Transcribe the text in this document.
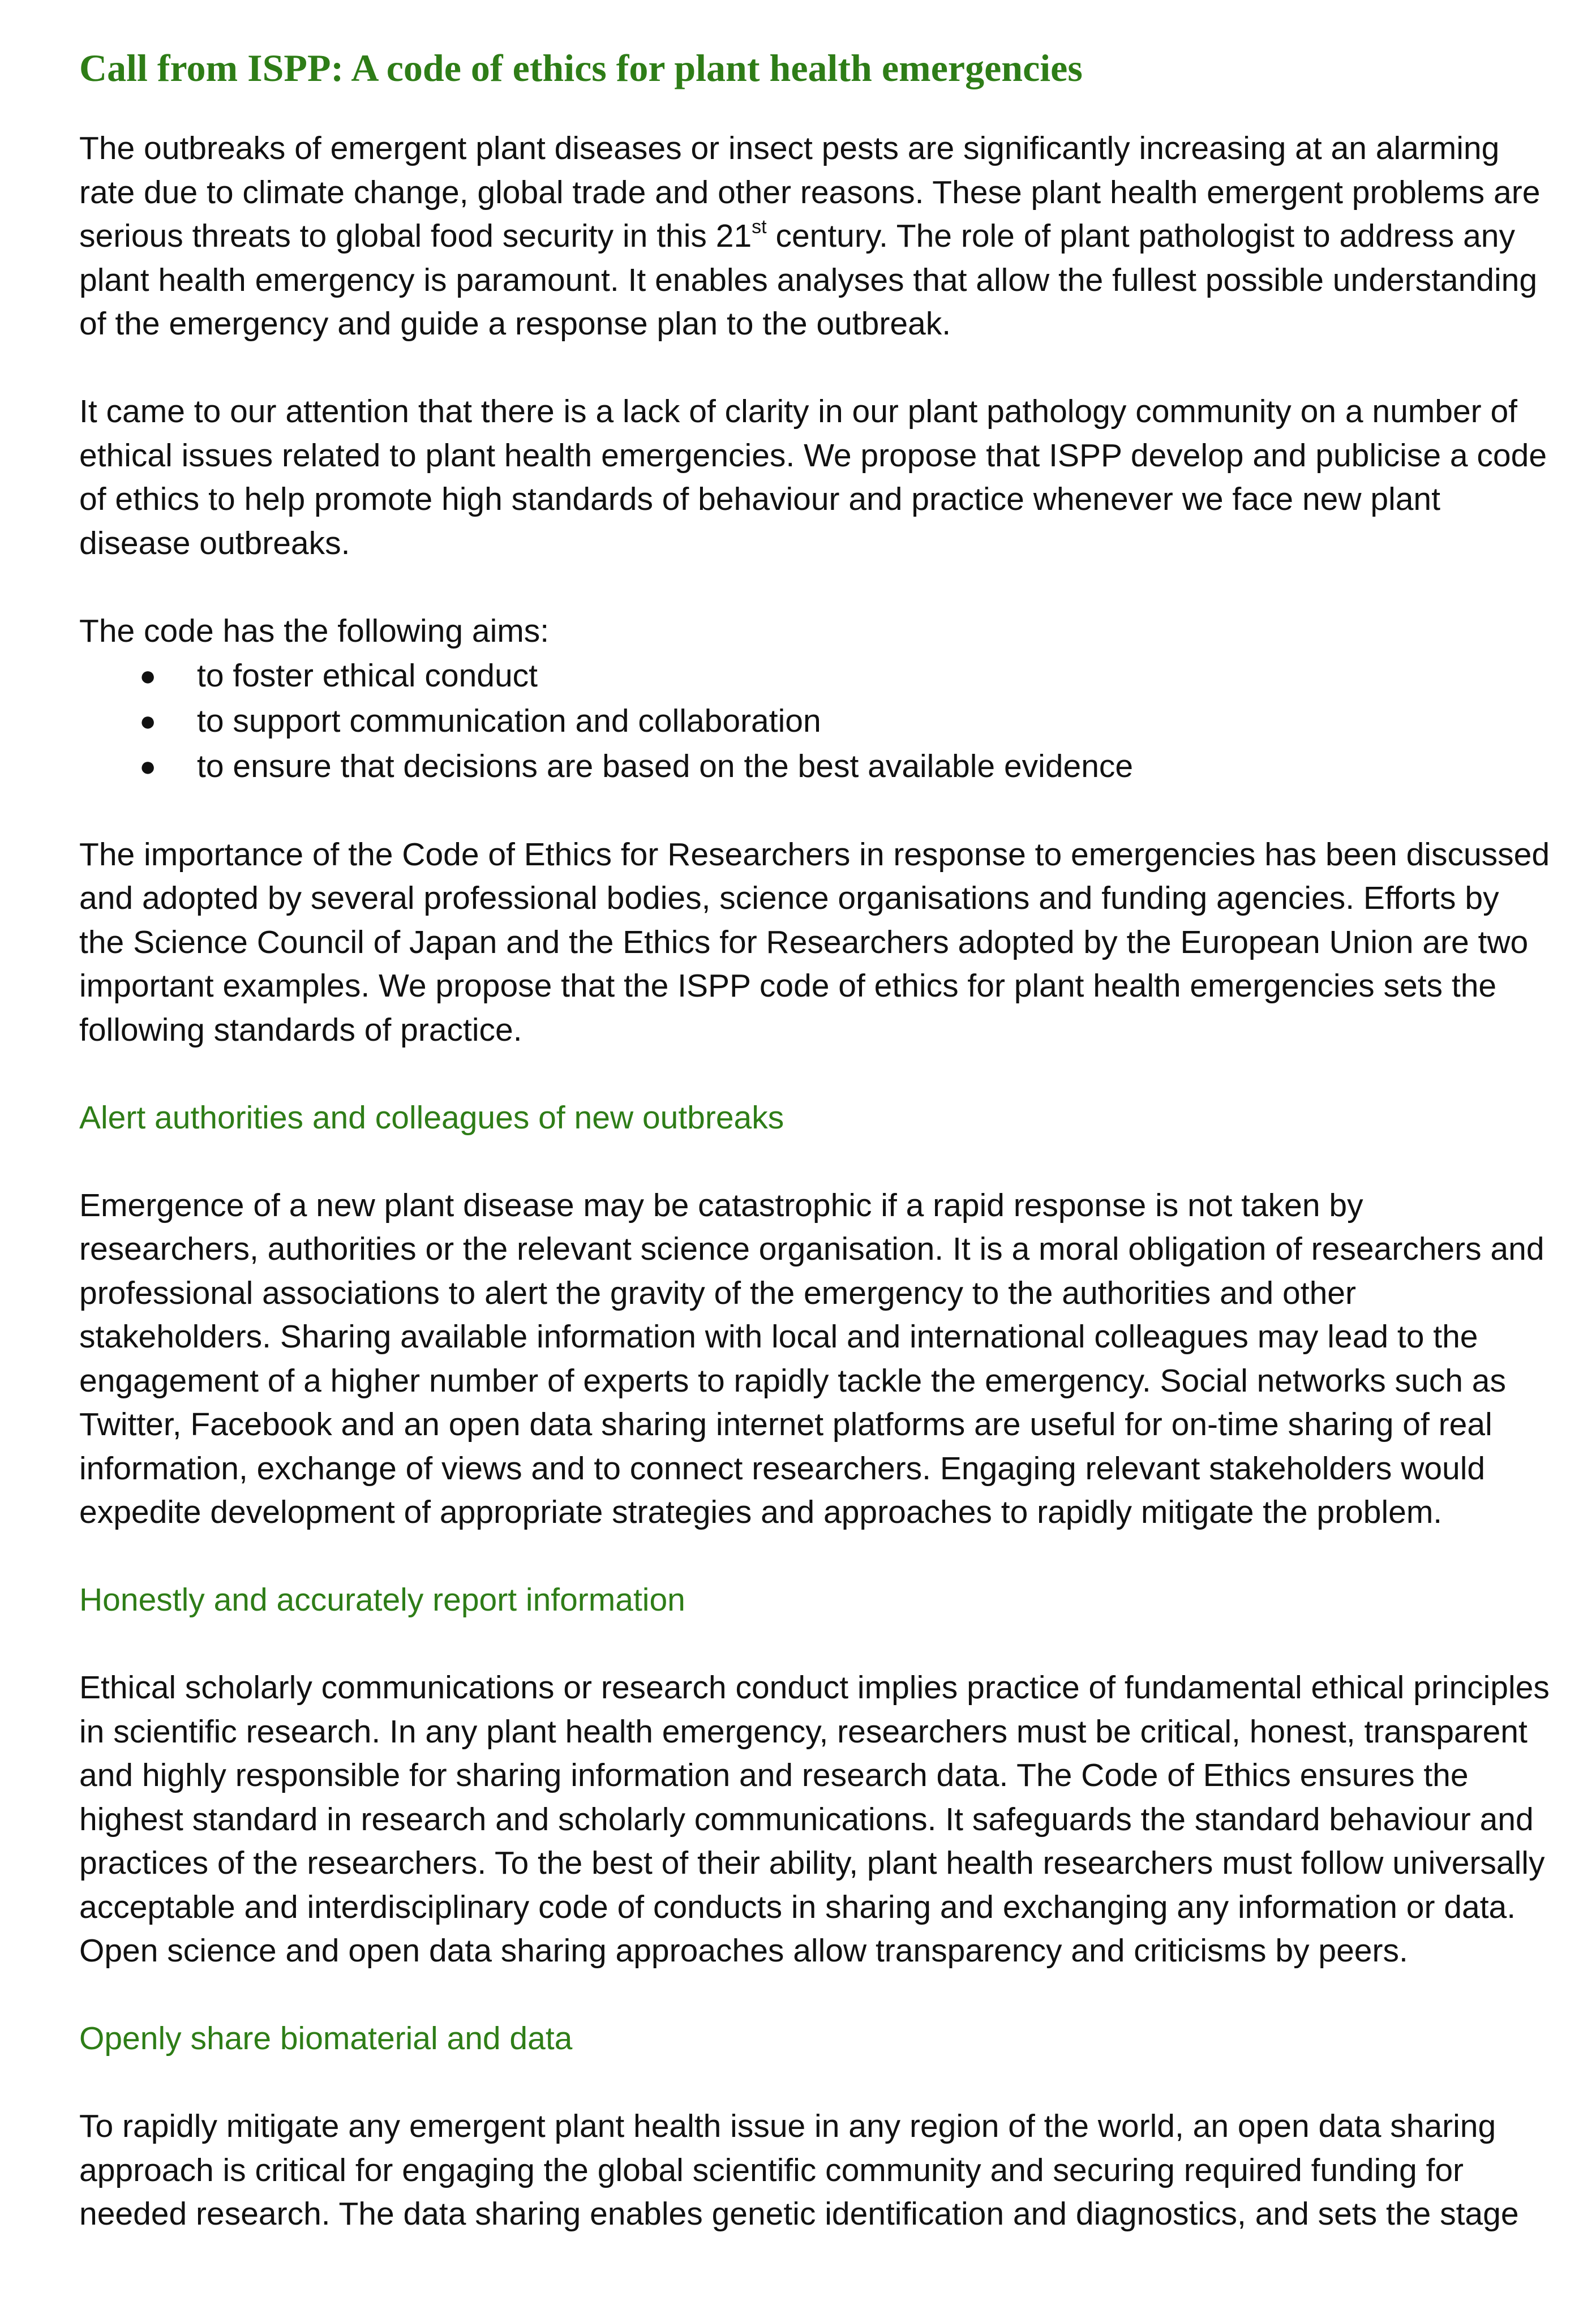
Call from ISPP: A code of ethics for plant health emergencies

The outbreaks of emergent plant diseases or insect pests are significantly increasing at an alarming rate due to climate change, global trade and other reasons. These plant health emergent problems are serious threats to global food security in this 21st century. The role of plant pathologist to address any plant health emergency is paramount. It enables analyses that allow the fullest possible understanding of the emergency and guide a response plan to the outbreak.

It came to our attention that there is a lack of clarity in our plant pathology community on a number of ethical issues related to plant health emergencies. We propose that ISPP develop and publicise a code of ethics to help promote high standards of behaviour and practice whenever we face new plant disease outbreaks.

The code has the following aims:

● to foster ethical conduct
● to support communication and collaboration
● to ensure that decisions are based on the best available evidence

The importance of the Code of Ethics for Researchers in response to emergencies has been discussed and adopted by several professional bodies, science organisations and funding agencies. Efforts by the Science Council of Japan and the Ethics for Researchers adopted by the European Union are two important examples. We propose that the ISPP code of ethics for plant health emergencies sets the following standards of practice.

Alert authorities and colleagues of new outbreaks

Emergence of a new plant disease may be catastrophic if a rapid response is not taken by researchers, authorities or the relevant science organisation. It is a moral obligation of researchers and professional associations to alert the gravity of the emergency to the authorities and other stakeholders. Sharing available information with local and international colleagues may lead to the engagement of a higher number of experts to rapidly tackle the emergency. Social networks such as Twitter, Facebook and an open data sharing internet platforms are useful for on-time sharing of real information, exchange of views and to connect researchers. Engaging relevant stakeholders would expedite development of appropriate strategies and approaches to rapidly mitigate the problem.

Honestly and accurately report information

Ethical scholarly communications or research conduct implies practice of fundamental ethical principles in scientific research. In any plant health emergency, researchers must be critical, honest, transparent and highly responsible for sharing information and research data. The Code of Ethics ensures the highest standard in research and scholarly communications. It safeguards the standard behaviour and practices of the researchers. To the best of their ability, plant health researchers must follow universally acceptable and interdisciplinary code of conducts in sharing and exchanging any information or data. Open science and open data sharing approaches allow transparency and criticisms by peers.

Openly share biomaterial and data

To rapidly mitigate any emergent plant health issue in any region of the world, an open data sharing approach is critical for engaging the global scientific community and securing required funding for needed research. The data sharing enables genetic identification and diagnostics, and sets the stage
